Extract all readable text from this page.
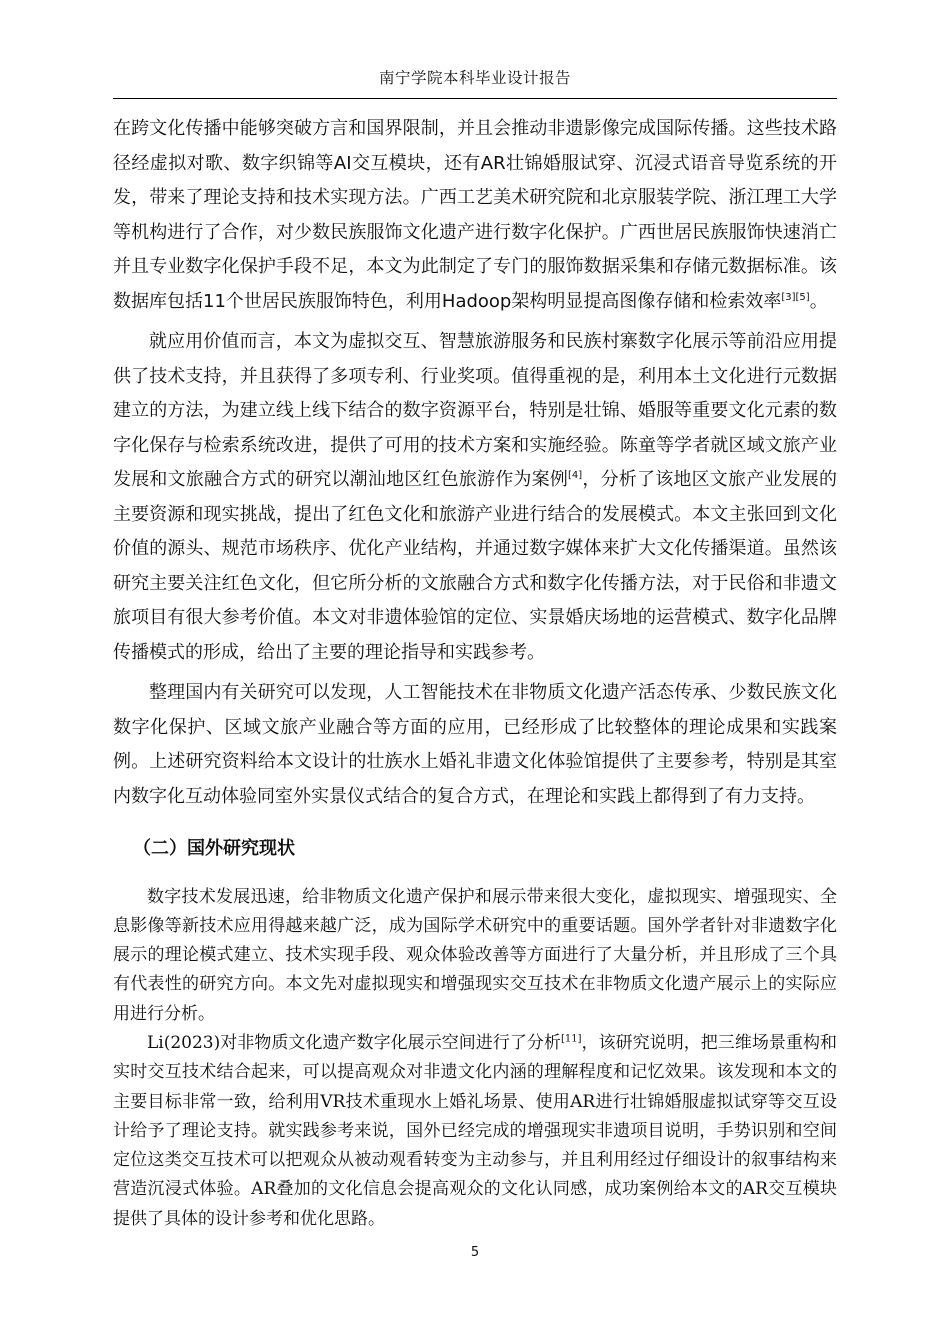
南宁学院本科毕业设计报告

在跨文化传播中能够突破方言和国界限制，并且会推动非遗影像完成国际传播。这些技术路径经虚拟对歌、数字织锦等AI交互模块，还有AR壮锦婚服试穿、沉浸式语音导览系统的开发，带来了理论支持和技术实现方法。广西工艺美术研究院和北京服装学院、浙江理工大学等机构进行了合作，对少数民族服饰文化遗产进行数字化保护。广西世居民族服饰快速消亡并且专业数字化保护手段不足，本文为此制定了专门的服饰数据采集和存储元数据标准。该数据库包括11个世居民族服饰特色，利用Hadoop架构明显提高图像存储和检索效率[3][5]。

就应用价值而言，本文为虚拟交互、智慧旅游服务和民族村寨数字化展示等前沿应用提供了技术支持，并且获得了多项专利、行业奖项。值得重视的是，利用本土文化进行元数据建立的方法，为建立线上线下结合的数字资源平台，特别是壮锦、婚服等重要文化元素的数字化保存与检索系统改进，提供了可用的技术方案和实施经验。陈童等学者就区域文旅产业发展和文旅融合方式的研究以潮汕地区红色旅游作为案例[4]，分析了该地区文旅产业发展的主要资源和现实挑战，提出了红色文化和旅游产业进行结合的发展模式。本文主张回到文化价值的源头、规范市场秩序、优化产业结构，并通过数字媒体来扩大文化传播渠道。虽然该研究主要关注红色文化，但它所分析的文旅融合方式和数字化传播方法，对于民俗和非遗文旅项目有很大参考价值。本文对非遗体验馆的定位、实景婚庆场地的运营模式、数字化品牌传播模式的形成，给出了主要的理论指导和实践参考。

整理国内有关研究可以发现，人工智能技术在非物质文化遗产活态传承、少数民族文化数字化保护、区域文旅产业融合等方面的应用，已经形成了比较整体的理论成果和实践案例。上述研究资料给本文设计的壮族水上婚礼非遗文化体验馆提供了主要参考，特别是其室内数字化互动体验同室外实景仪式结合的复合方式，在理论和实践上都得到了有力支持。

（二）国外研究现状

数字技术发展迅速，给非物质文化遗产保护和展示带来很大变化，虚拟现实、增强现实、全息影像等新技术应用得越来越广泛，成为国际学术研究中的重要话题。国外学者针对非遗数字化展示的理论模式建立、技术实现手段、观众体验改善等方面进行了大量分析，并且形成了三个具有代表性的研究方向。本文先对虚拟现实和增强现实交互技术在非物质文化遗产展示上的实际应用进行分析。

Li(2023)对非物质文化遗产数字化展示空间进行了分析[11]，该研究说明，把三维场景重构和实时交互技术结合起来，可以提高观众对非遗文化内涵的理解程度和记忆效果。该发现和本文的主要目标非常一致，给利用VR技术重现水上婚礼场景、使用AR进行壮锦婚服虚拟试穿等交互设计给予了理论支持。就实践参考来说，国外已经完成的增强现实非遗项目说明，手势识别和空间定位这类交互技术可以把观众从被动观看转变为主动参与，并且利用经过仔细设计的叙事结构来营造沉浸式体验。AR叠加的文化信息会提高观众的文化认同感，成功案例给本文的AR交互模块提供了具体的设计参考和优化思路。

5
